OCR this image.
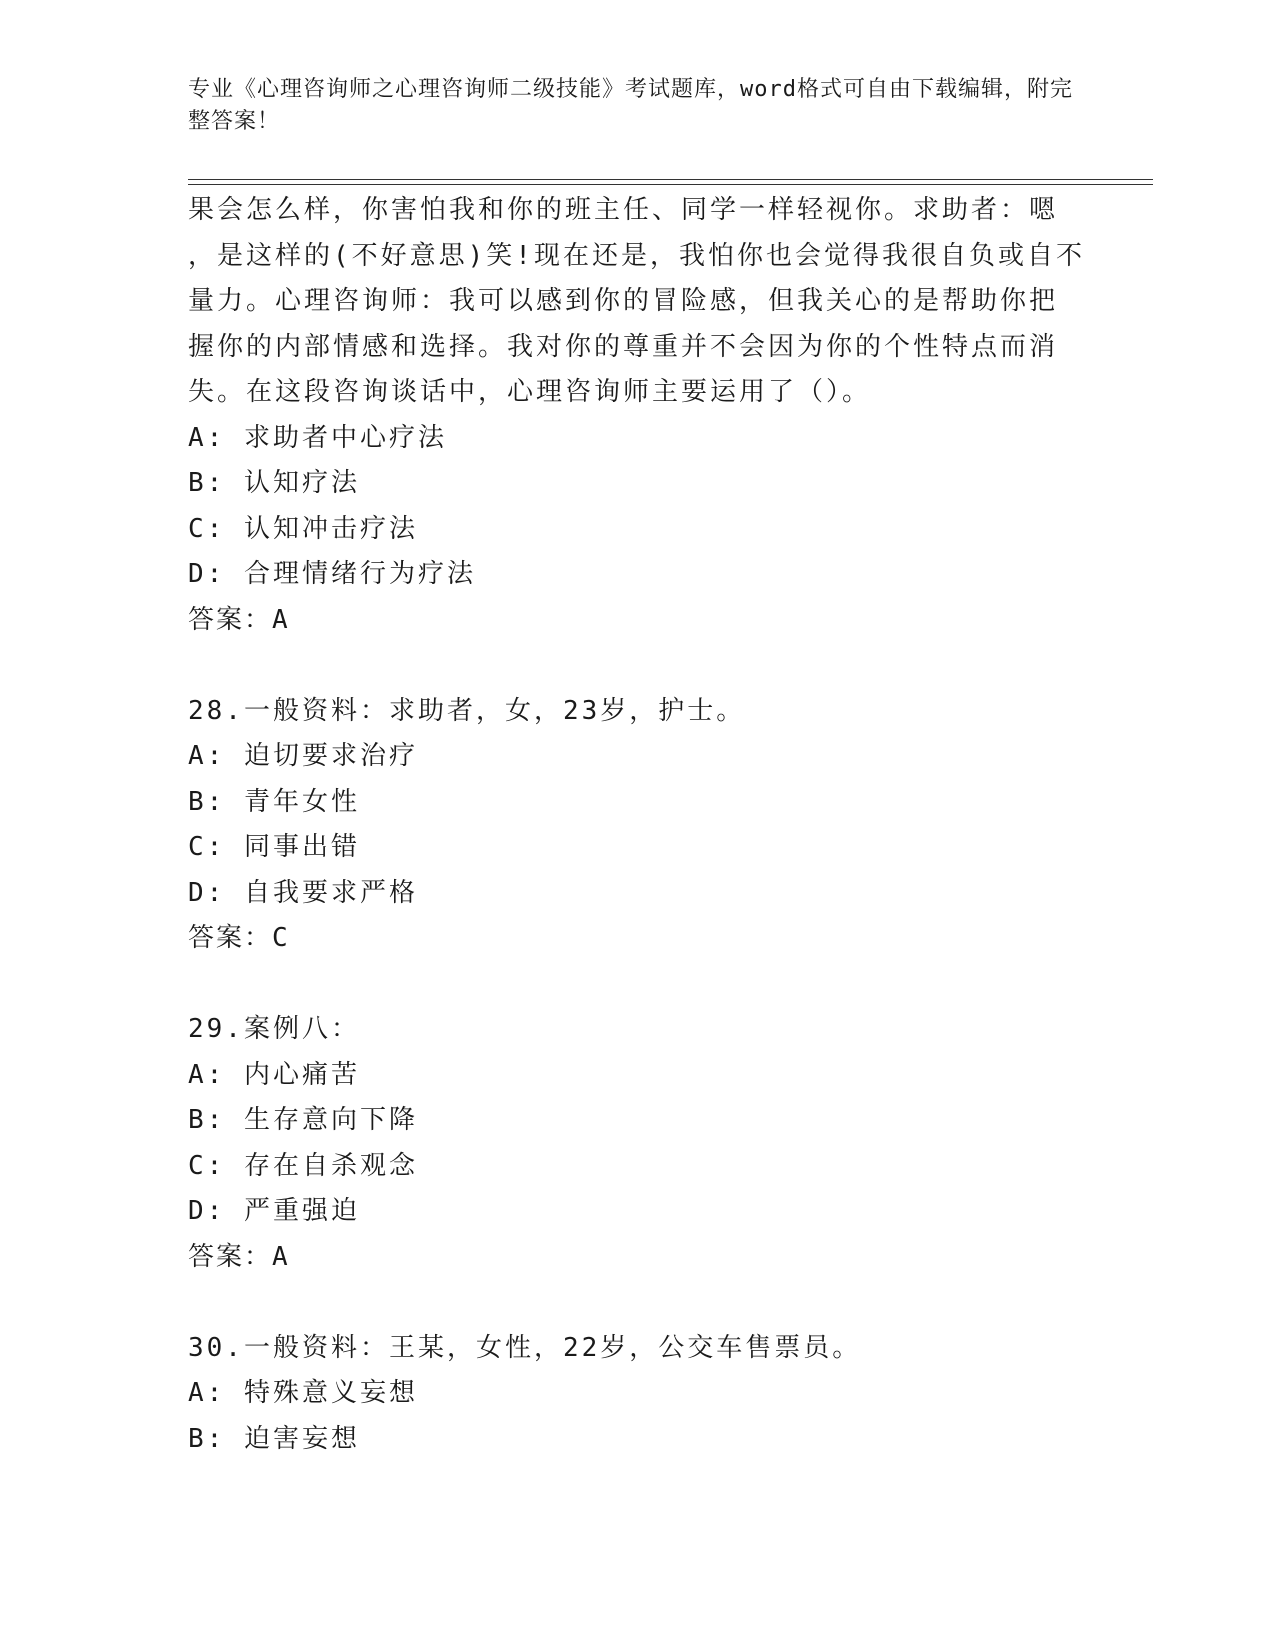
专业《心理咨询师之心理咨询师二级技能》考试题库，word格式可自由下载编辑，附完整答案！

果会怎么样，你害怕我和你的班主任、同学一样轻视你。求助者：嗯

，是这样的(不好意思)笑!现在还是，我怕你也会觉得我很自负或自不

量力。心理咨询师：我可以感到你的冒险感，但我关心的是帮助你把

握你的内部情感和选择。我对你的尊重并不会因为你的个性特点而消

失。在这段咨询谈话中，心理咨询师主要运用了（）。

A: 求助者中心疗法

B: 认知疗法

C: 认知冲击疗法

D: 合理情绪行为疗法

答案：A

28.一般资料：求助者，女，23岁，护士。

A: 迫切要求治疗

B: 青年女性

C: 同事出错

D: 自我要求严格

答案：C

29.案例八：

A: 内心痛苦

B: 生存意向下降

C: 存在自杀观念

D: 严重强迫

答案：A

30.一般资料：王某，女性，22岁，公交车售票员。

A: 特殊意义妄想

B: 迫害妄想
